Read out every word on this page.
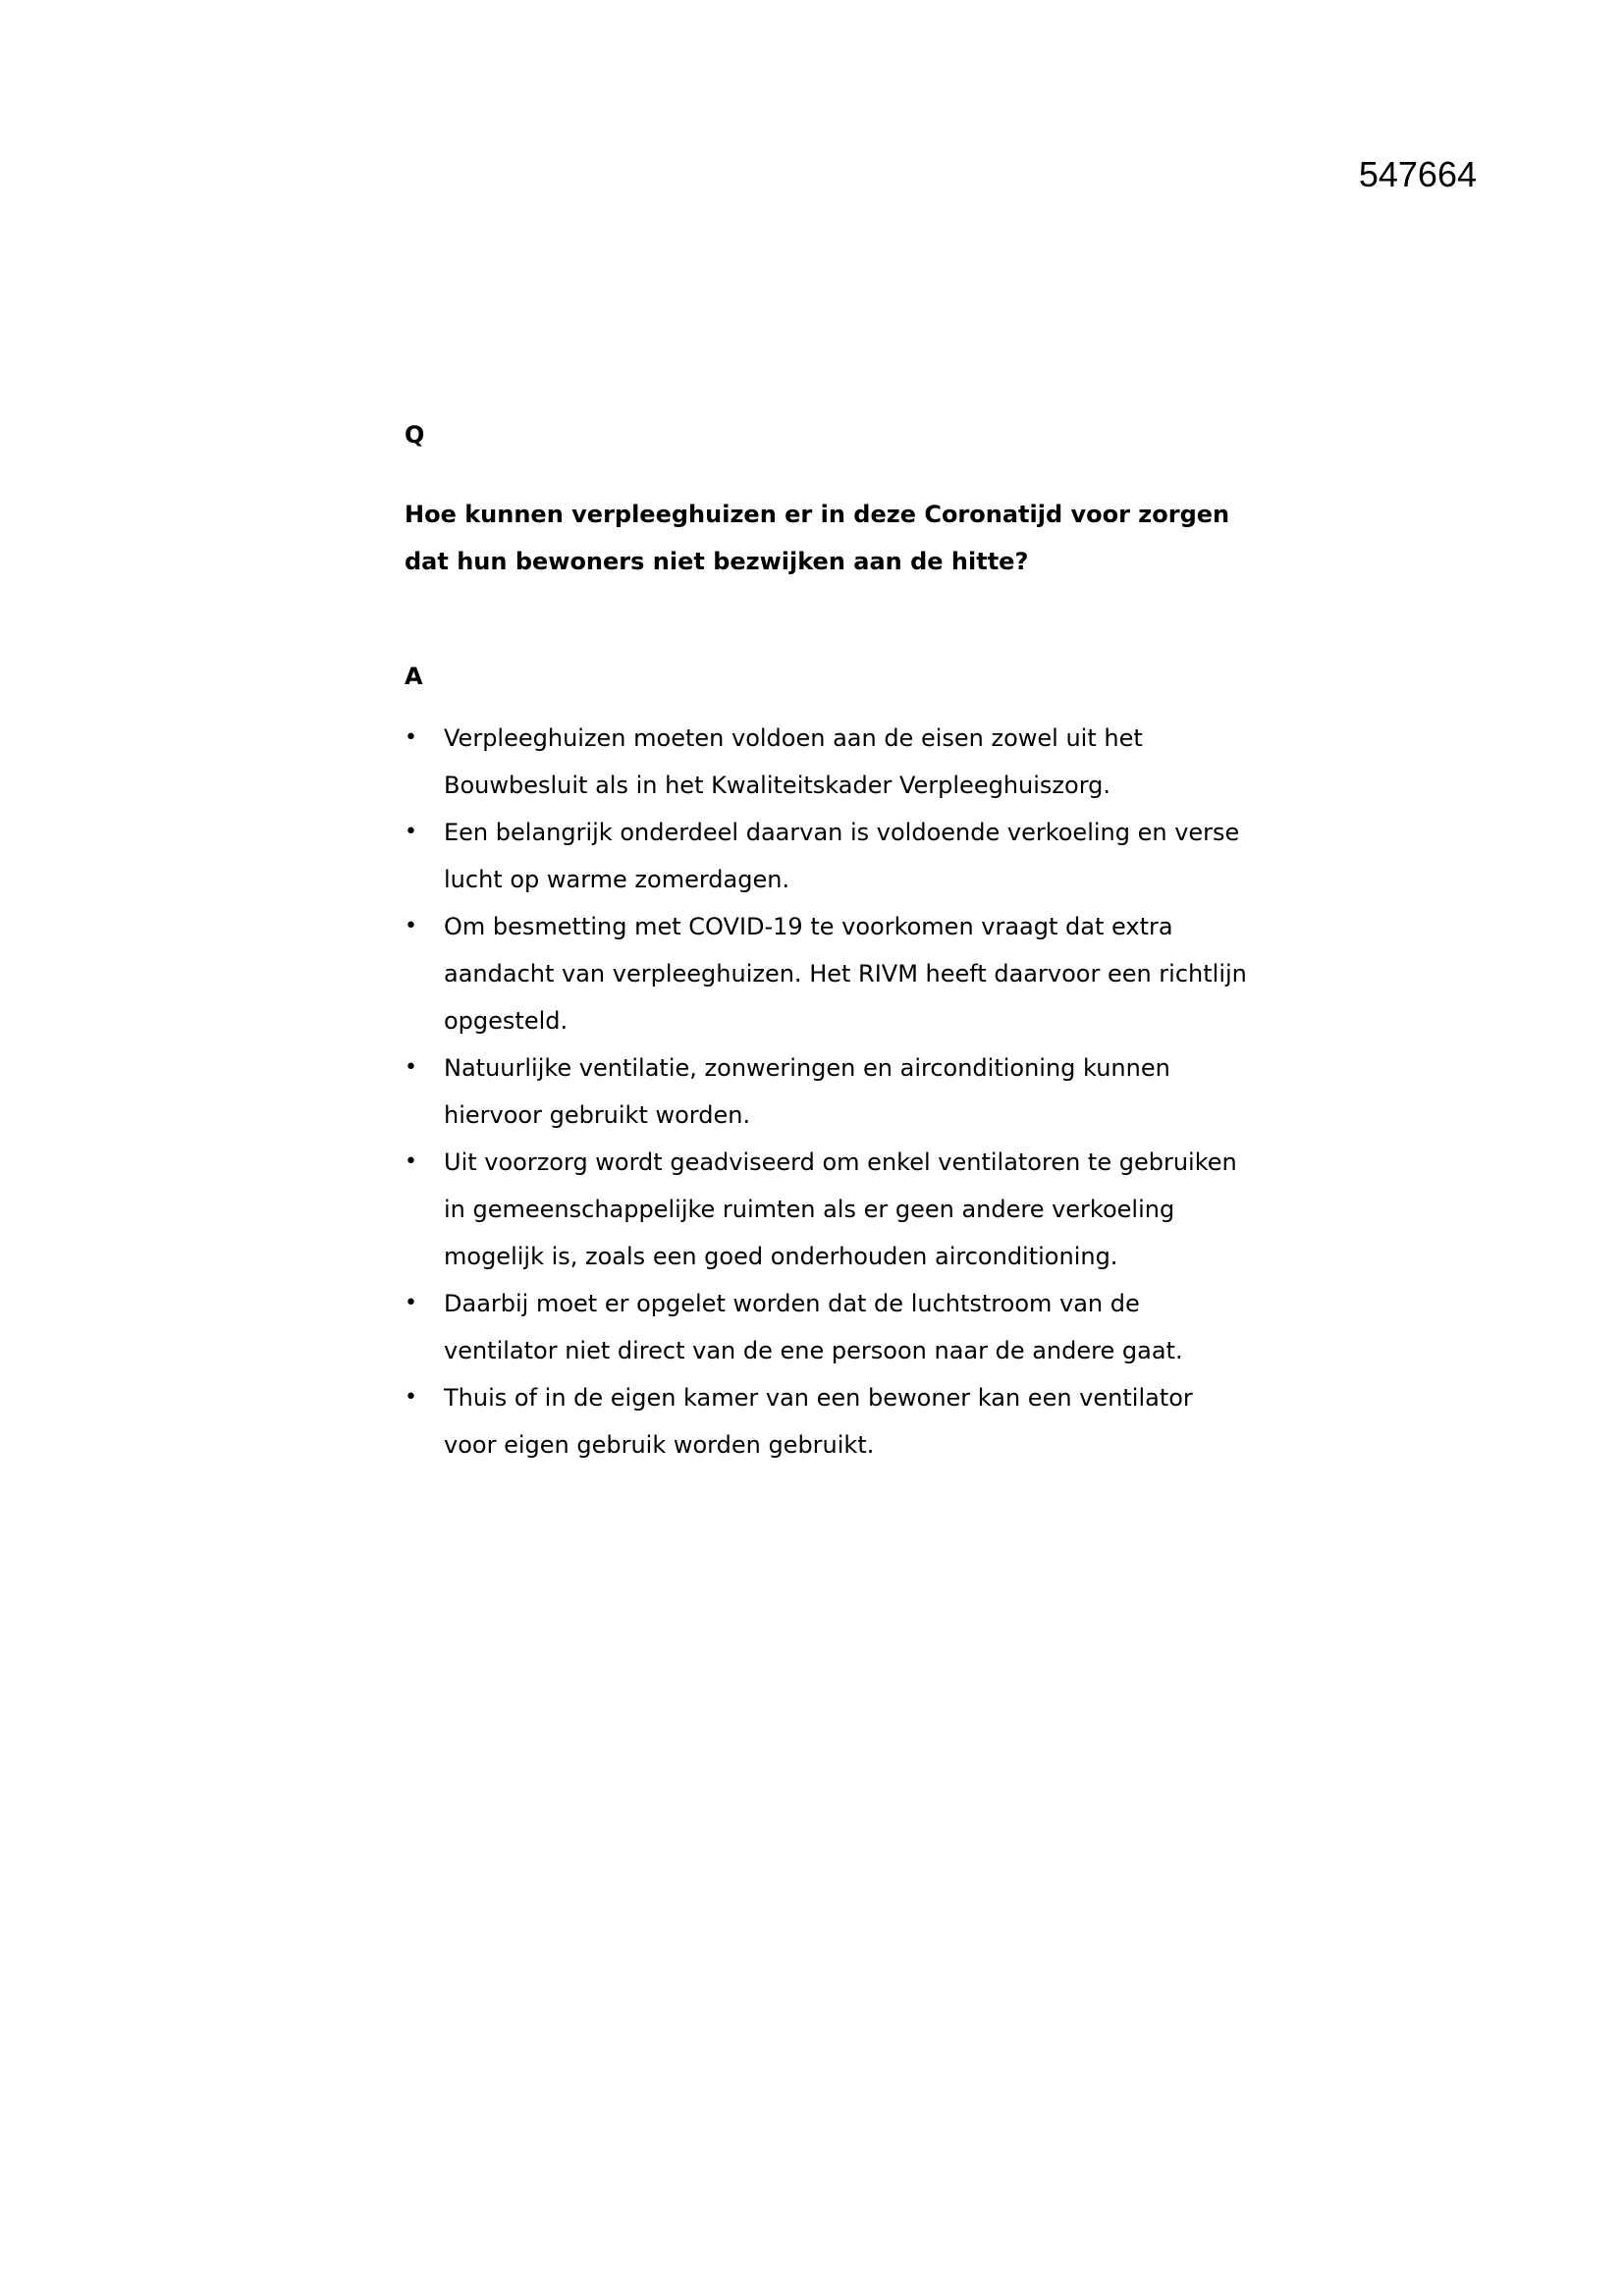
547664

Q

Hoe kunnen verpleeghuizen er in deze Coronatijd voor zorgen dat hun bewoners niet bezwijken aan de hitte?

A

• Verpleeghuizen moeten voldoen aan de eisen zowel uit het Bouwbesluit als in het Kwaliteitskader Verpleeghuiszorg.
• Een belangrijk onderdeel daarvan is voldoende verkoeling en verse lucht op warme zomerdagen.
• Om besmetting met COVID-19 te voorkomen vraagt dat extra aandacht van verpleeghuizen. Het RIVM heeft daarvoor een richtlijn opgesteld.
• Natuurlijke ventilatie, zonweringen en airconditioning kunnen hiervoor gebruikt worden.
• Uit voorzorg wordt geadviseerd om enkel ventilatoren te gebruiken in gemeenschappelijke ruimten als er geen andere verkoeling mogelijk is, zoals een goed onderhouden airconditioning.
• Daarbij moet er opgelet worden dat de luchtstroom van de ventilator niet direct van de ene persoon naar de andere gaat.
• Thuis of in de eigen kamer van een bewoner kan een ventilator voor eigen gebruik worden gebruikt.
